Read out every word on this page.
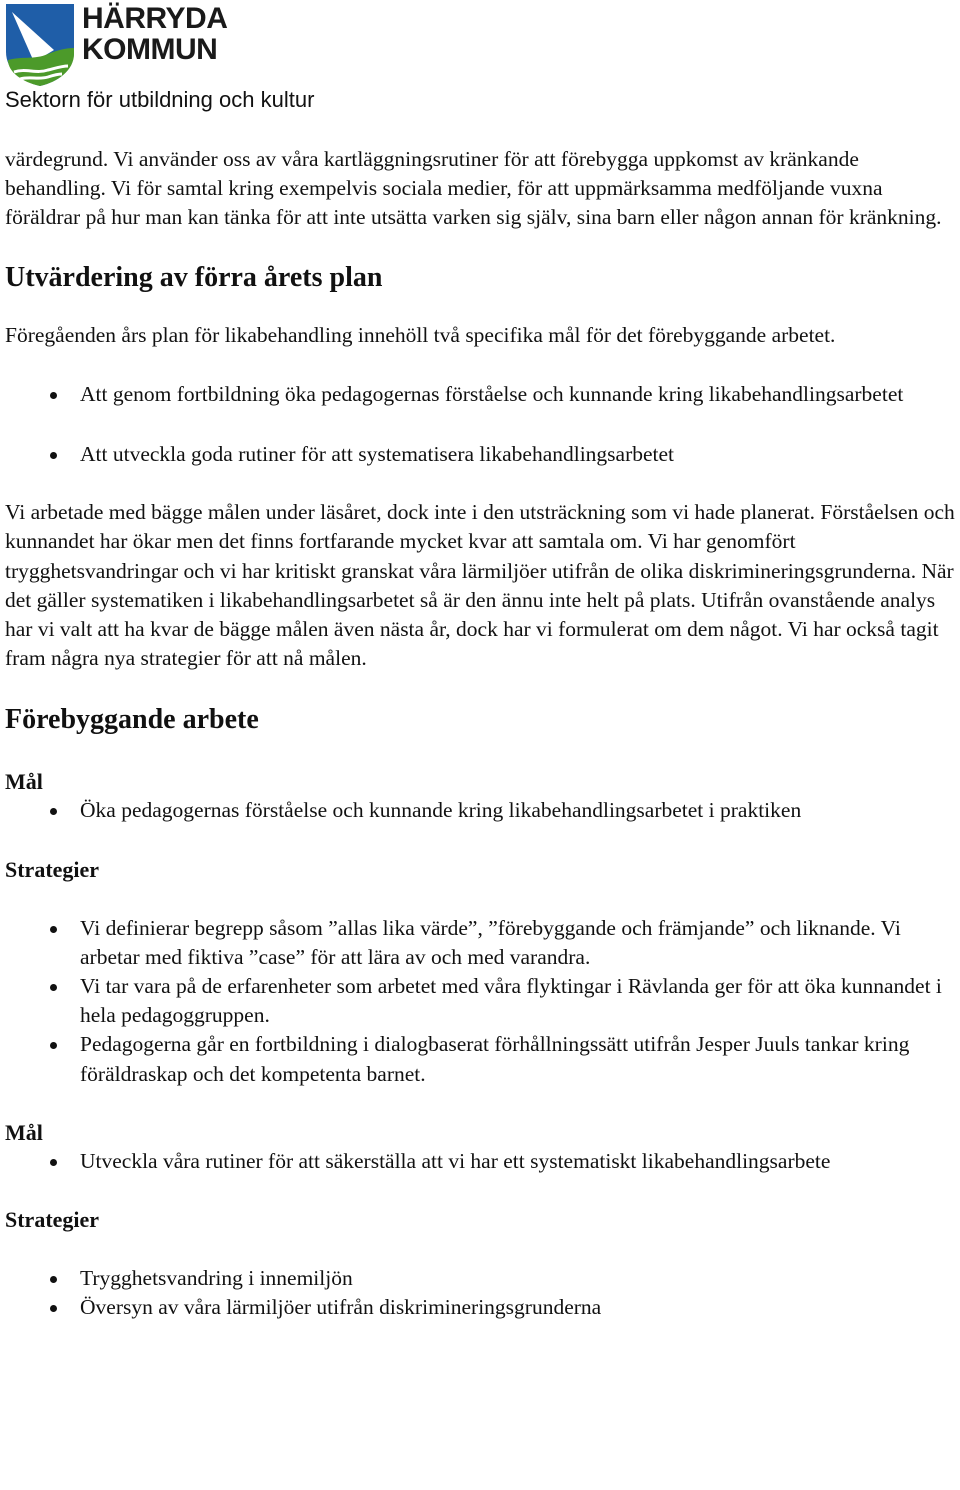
HÄRRYDA
KOMMUN
Sektorn för utbildning och kultur

värdegrund. Vi använder oss av våra kartläggningsrutiner för att förebygga uppkomst av kränkande behandling. Vi för samtal kring exempelvis sociala medier, för att uppmärksamma medföljande vuxna föräldrar på hur man kan tänka för att inte utsätta varken sig själv, sina barn eller någon annan för kränkning.

Utvärdering av förra årets plan

Föregåenden års plan för likabehandling innehöll två specifika mål för det förebyggande arbetet.

Att genom fortbildning öka pedagogernas förståelse och kunnande kring likabehandlingsarbetet
Att utveckla goda rutiner för att systematisera likabehandlingsarbetet

Vi arbetade med bägge målen under läsåret, dock inte i den utsträckning som vi hade planerat. Förståelsen och kunnandet har ökar men det finns fortfarande mycket kvar att samtala om. Vi har genomfört trygghetsvandringar och vi har kritiskt granskat våra lärmiljöer utifrån de olika diskrimineringsgrunderna. När det gäller systematiken i likabehandlingsarbetet så är den ännu inte helt på plats. Utifrån ovanstående analys har vi valt att ha kvar de bägge målen även nästa år, dock har vi formulerat om dem något. Vi har också tagit fram några nya strategier för att nå målen.

Förebyggande arbete
Mål
Öka pedagogernas förståelse och kunnande kring likabehandlingsarbetet i praktiken
Strategier
Vi definierar begrepp såsom ”allas lika värde”, ”förebyggande och främjande” och liknande. Vi arbetar med fiktiva ”case” för att lära av och med varandra.
Vi tar vara på de erfarenheter som arbetet med våra flyktingar i Rävlanda ger för att öka kunnandet i hela pedagoggruppen.
Pedagogerna går en fortbildning i dialogbaserat förhållningssätt utifrån Jesper Juuls tankar kring föräldraskap och det kompetenta barnet.
Mål
Utveckla våra rutiner för att säkerställa att vi har ett systematiskt likabehandlingsarbete
Strategier
Trygghetsvandring i innemiljön
Översyn av våra lärmiljöer utifrån diskrimineringsgrunderna
